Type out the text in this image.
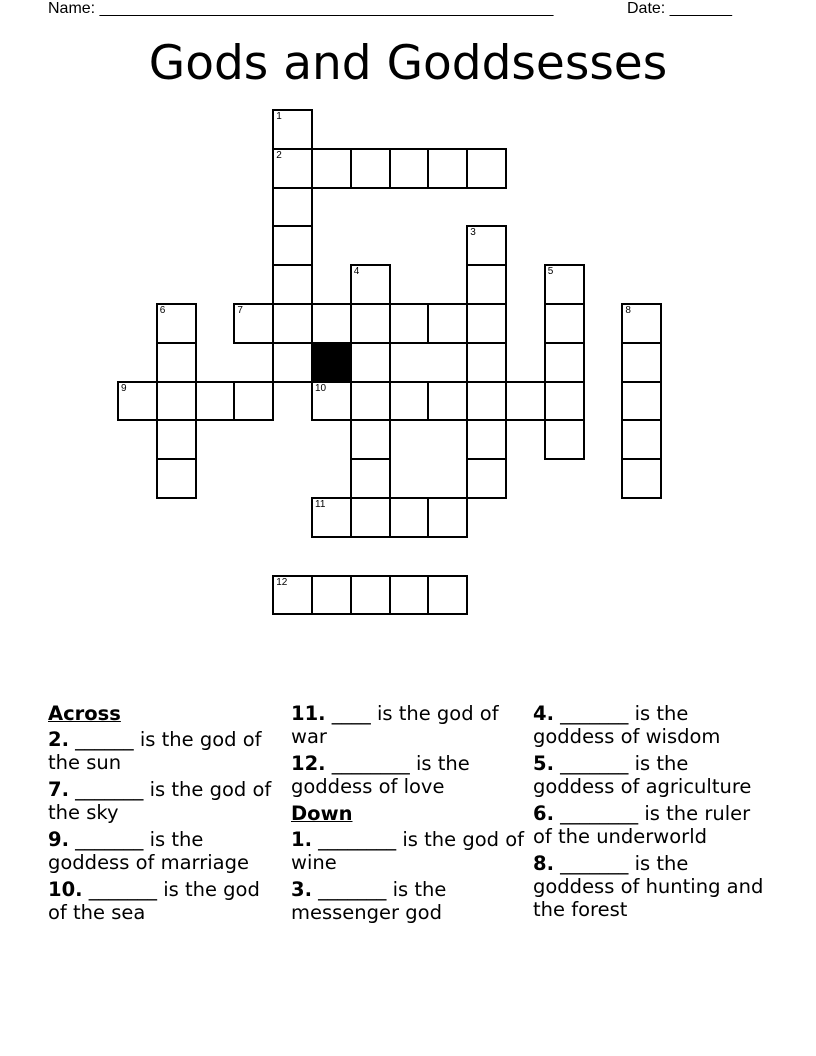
Name: ___________________________________________________	Date: _______
Gods and Goddsesses
1
2
3
4	5
6	7	8
9	10
11
12
Across
2. ______ is the god of the sun
7. _______ is the god of the sky
9. _______ is the goddess of marriage
10. _______ is the god of the sea
11. ____ is the god of war
12. ________ is the goddess of love
Down
1. ________ is the god of wine
3. _______ is the messenger god
4. _______ is the goddess of wisdom
5. _______ is the goddess of agriculture
6. ________ is the ruler of the underworld
8. _______ is the goddess of hunting and the forest
